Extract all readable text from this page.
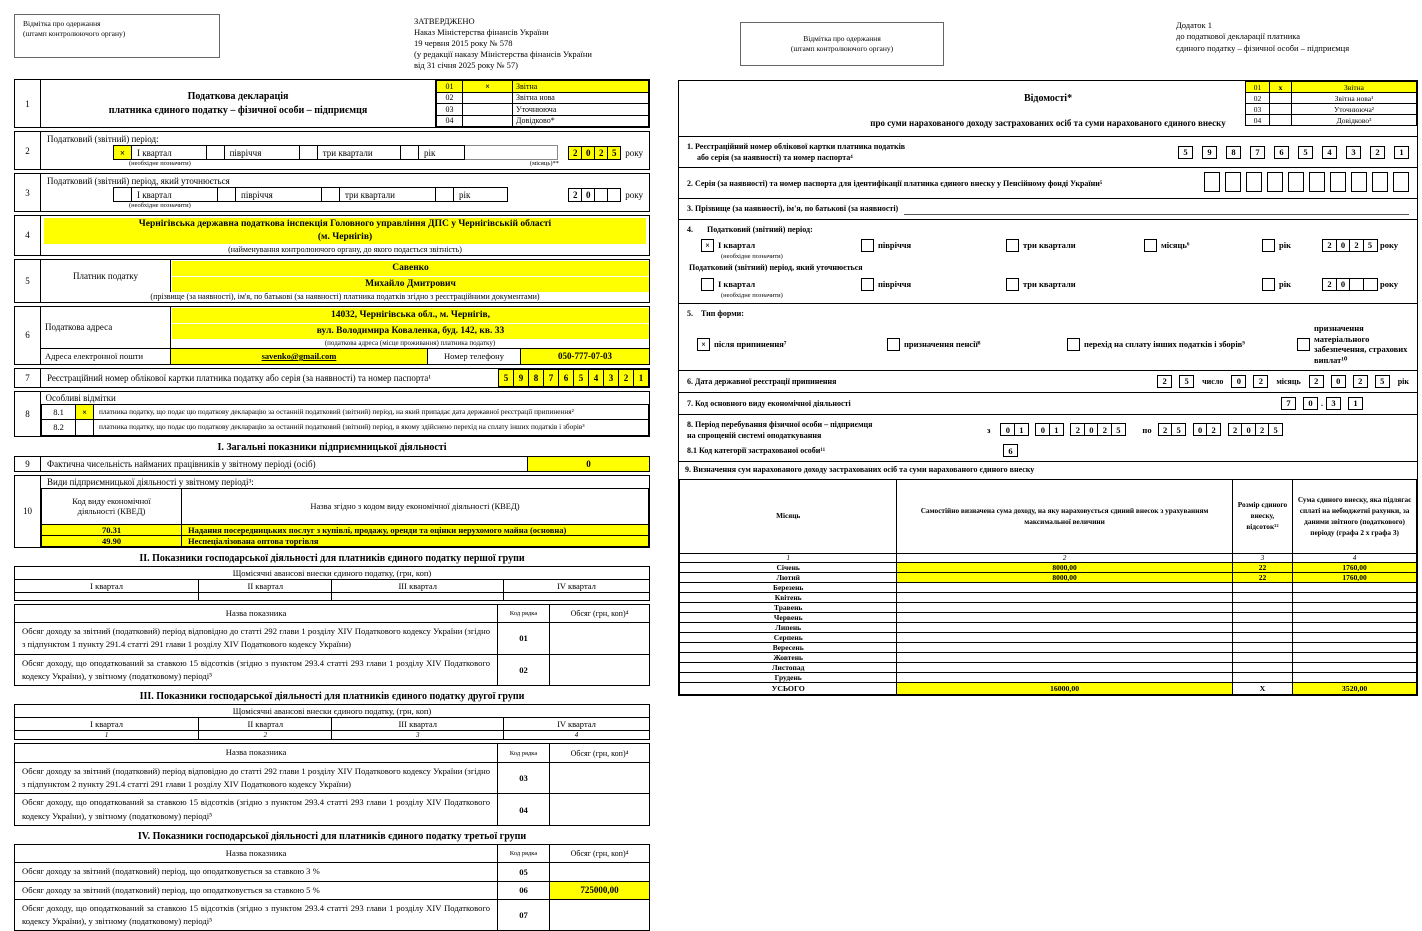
Відмітка про одержання
(штамп контролюючого органу)
ЗАТВЕРДЖЕНО
Наказ Міністерства фінансів України
19 червня 2015 року № 578
(у редакції наказу Міністерства фінансів України
від 31 січня 2025 року № 57)
1
Податкова декларація
платника єдиного податку – фізичної особи – підприємця
01	×	Звітна
02		Звітна нова
03		Уточнююча
04		Довідково*
2
Податковий (звітний) період:
×	І квартал		півріччя		три квартали		рік		2 0 2 5 року
(необхідне позначити)	(місяць)**
3
Податковий (звітний) період, який уточнюється
	І квартал		півріччя		три квартали		рік	2 0	року
(необхідне позначити)
4
Чернігівська державна податкова інспекція Головного управління ДПС у Чернігівській області
(м. Чернігів)
(найменування контролюючого органу, до якого подається звітність)
5	Платник податку
Савенко
Михайло Дмитрович
(прізвище (за наявності), ім'я, по батькові (за наявності) платника податків згідно з реєстраційними документами)
6
Податкова адреса
14032, Чернігівська обл., м. Чернігів,
вул. Володимира Коваленка, буд. 142, кв. 33
(податкова адреса (місце проживання) платника податку)
Адреса електронної пошти	savenko@gmail.com	Номер телефону	050-777-07-03
7	Реєстраційний номер облікової картки платника податку або серія (за наявності) та номер паспорта¹	5	9	8	7	6	5	4	3	2	1
8
Особливі відмітки		
8.1	×	платника податку, що подає цю податкову декларацію за останній податковий (звітний) період, на який припадає дата державної реєстрації припинення²
8.2		платника податку, що подає цю податкову декларацію за останній податковий (звітний) період, в якому здійснено перехід на сплату інших податків і зборів³
І. Загальні показники підприємницької діяльності
9	Фактична чисельність найманих працівників у звітному періоді (осіб)	0
10
Види підприємницької діяльності у звітному періоді³:
Код виду економічної
діяльності (КВЕД)	Назва згідно з кодом виду економічної діяльності (КВЕД)
70.31	Надання посередницьких послуг з купівлі, продажу, оренди та оцінки нерухомого майна (основна)
49.90	Неспеціалізована оптова торгівля
ІІ. Показники господарської діяльності для платників єдиного податку першої групи
Щомісячні авансові внески єдиного податку, (грн, коп)			
І квартал	ІІ квартал	ІІІ квартал	IV квартал

Назва показника	Код рядка	Обсяг (грн, коп)⁴
Обсяг доходу за звітний (податковий) період відповідно до статті 292 глави 1 розділу XIV Податкового кодексу України (згідно з підпунктом 1 пункту 291.4 статті 291 глави 1 розділу XIV Податкового кодексу України)	01	
Обсяг доходу, що оподаткований за ставкою 15 відсотків (згідно з пунктом 293.4 статті 293 глави 1 розділу XIV Податкового кодексу України), у звітному (податковому) періоді⁵	02	
ІІІ. Показники господарської діяльності для платників єдиного податку другої групи
Щомісячні авансові внески єдиного податку, (грн, коп)			
І квартал	ІІ квартал	ІІІ квартал	IV квартал
1	2	3	4
Назва показника	Код рядка	Обсяг (грн, коп)⁴
Обсяг доходу за звітний (податковий) період відповідно до статті 292 глави 1 розділу XIV Податкового кодексу України (згідно з підпунктом 2 пункту 291.4 статті 291 глави 1 розділу XIV Податкового кодексу України)	03	
Обсяг доходу, що оподаткований за ставкою 15 відсотків (згідно з пунктом 293.4 статті 293 глави 1 розділу XIV Податкового кодексу України), у звітному (податковому) періоді⁵	04	
IV. Показники господарської діяльності для платників єдиного податку третьої групи
Назва показника	Код рядка	Обсяг (грн, коп)⁴
Обсяг доходу за звітний (податковий) період, що оподатковується за ставкою 3 %	05	
Обсяг доходу за звітний (податковий) період, що оподатковується за ставкою 5 %	06	725000,00
Обсяг доходу, що оподаткований за ставкою 15 відсотків (згідно з пунктом 293.4 статті 293 глави 1 розділу XIV Податкового кодексу України), у звітному (податковому) періоді⁵	07	
Відмітка про одержання
(штамп контролюючого органу)
Додаток 1
до податкової декларації платника
єдиного податку – фізичної особи – підприємця
01	x	Звітна
02		Звітна нова¹
03		Уточнююча²
04		Довідково³
Відомості*
про суми нарахованого доходу застрахованих осіб та суми нарахованого єдиного внеску
1. Реєстраційний номер облікової картки платника податків
або серія (за наявності) та номер паспорта⁴
5 9 8 7 6 5 4 3 2 1
2. Серія (за наявності) та номер паспорта для ідентифікації платника єдиного внеску у Пенсійному фонді України⁵
3. Прізвище (за наявності), ім'я, по батькові (за наявності)
4. Податковий (звітний) період:
× І квартал
(необхідне позначити)
півріччя	три квартали	місяць⁶	рік	2	0	2	5 року
Податковий (звітний) період, який уточнюється
І квартал
(необхідне позначити)
півріччя	три квартали	рік	2	0	року
5. Тип форми:
× після припинення⁷	призначення пенсії⁸	перехід на сплату інших податків і зборів⁹
призначення матеріального забезпечення, страхових виплат¹⁰
6. Дата державної реєстрації припинення	2	5	число	0	2	місяць	2	0	2	5	рік
7. Код основного виду економічної діяльності	7	0	. 3	1
8. Період перебування фізичної особи – підприємця
на спрощеній системі оподаткування
з	0	1	0	1	2	0	2	5	по	2	5	0	2	2	0	2	5
8.1 Код категорії застрахованої особи¹¹	6
9. Визначення сум нарахованого доходу застрахованих осіб та суми нарахованого єдиного внеску
Місяць	Самостійно визначена сума доходу, на яку нараховується єдиний внесок з урахуванням максимальної величини	Розмір єдиного внеску, відсоток¹²	Сума єдиного внеску, яка підлягає сплаті на небюджетні рахунки, за даними звітного (податкового) періоду (графа 2 х графа 3)
1	2	3	4
Січень	8000,00	22	1760,00
Лютий	8000,00	22	1760,00
Березень			
Квітень			
Травень			
Червень			
Липень			
Серпень			
Вересень			
Жовтень			
Листопад			
Грудень			
УСЬОГО	16000,00	X	3520,00
